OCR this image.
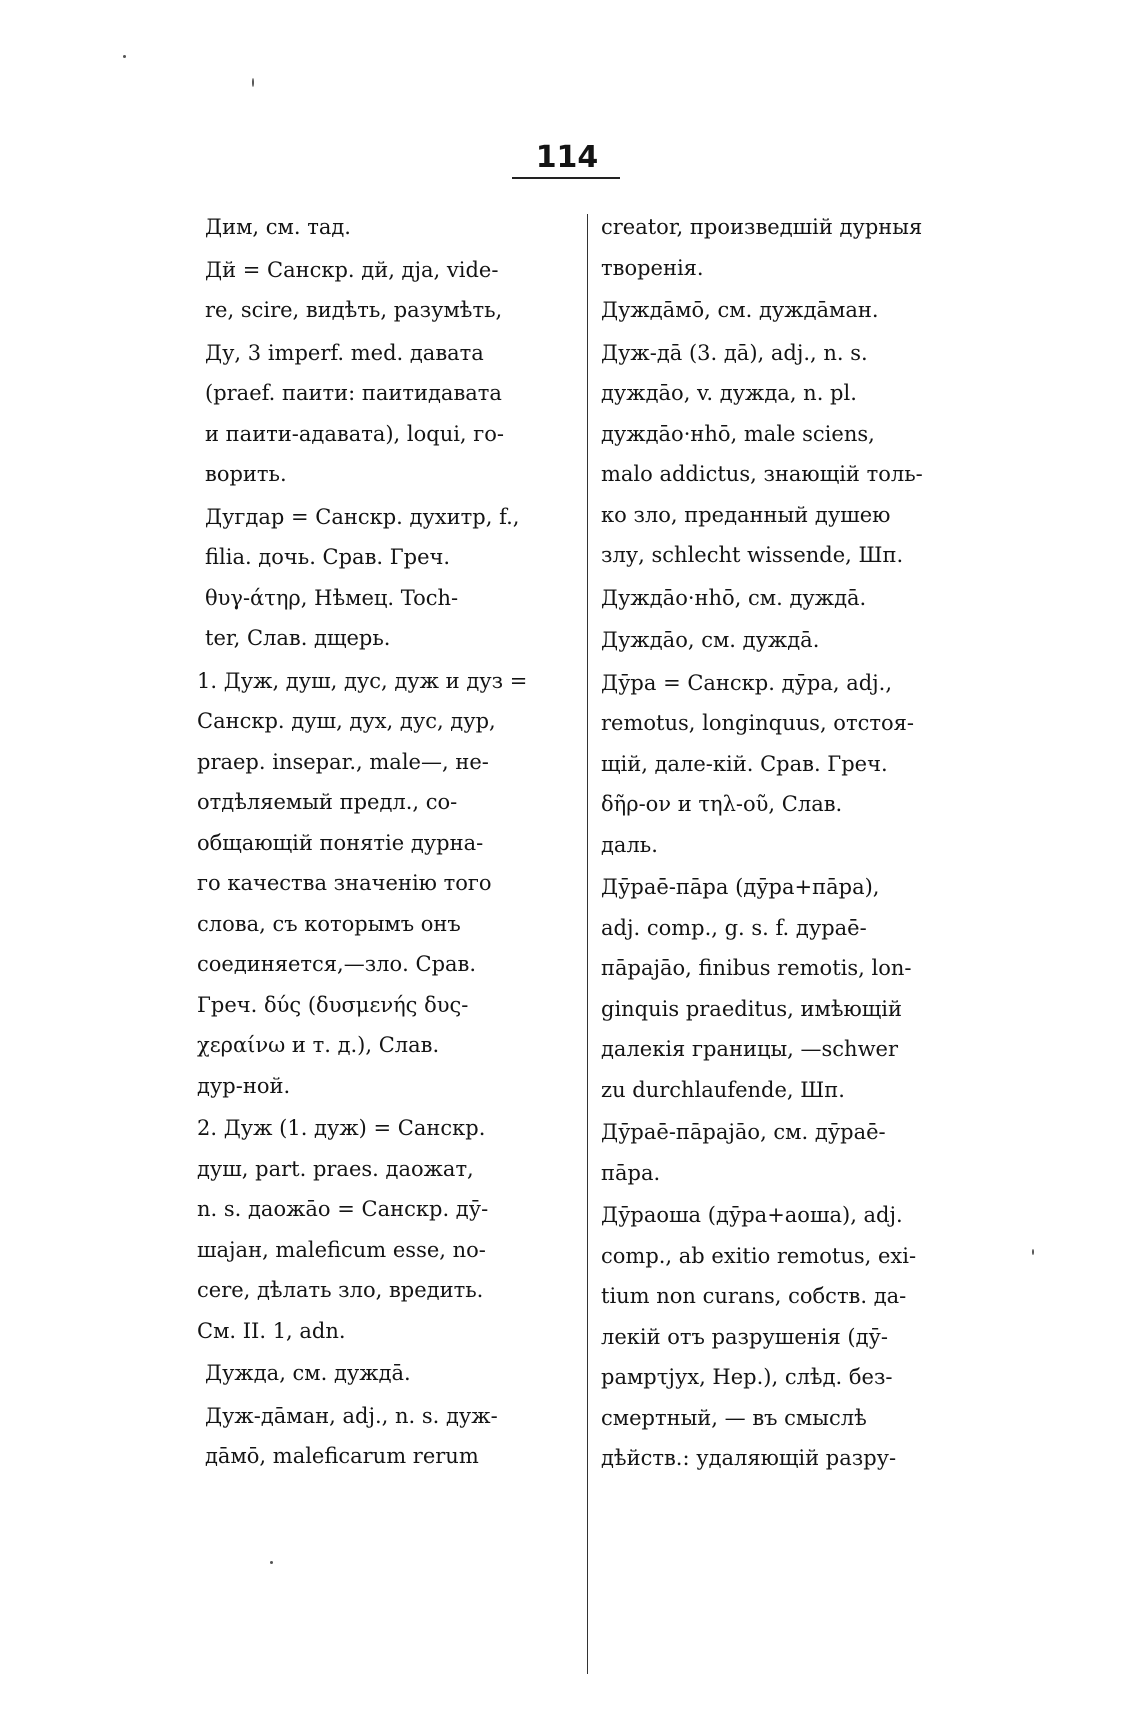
114
Дим, см. тад.
Дй = Санскр. дй, дја, vide-
re, scire, видѣть, разумѣть,
Ду, 3 imperf. med. давата
(praef. паити: паитидавата
и паити-адавата), loqui, го-
ворить.
Дугдар = Санскр. духитр, f.,
filia. дочь. Срав. Греч.
θυγ-άτηρ, Нѣмец. Toch-
ter, Слав. дщерь.
1. Дуж, душ, дус, дуж и дуз =
Санскр. душ, дух, дус, дур,
praep. insepar., male—, не-
отдѣляемый предл., со-
общающій понятіе дурна-
го качества значенію того
слова, съ которымъ онъ
соединяется,—зло. Срав.
Греч. δύς (δυσμενής δυς-
χεραίνω и т. д.), Слав.
дур-ной.
2. Дуж (1. дуж) = Санскр.
душ, part. praes. даожат,
n. s. даожāо = Санскр. дӯ-
шајан, maleficum esse, no-
cere, дѣлать зло, вредить.
См. II. 1, adn.
Дужда, см. дуждā.
Дуж-дāман, adj., n. s. дуж-
дāмō, maleficarum rerum
creator, произведшій дурныя
творенія.
Дуждāмō, см. дуждāман.
Дуж-дā (3. дā), adj., n. s.
дуждāо, v. дужда, n. pl.
дуждāо·нhō, male sciens,
malo addictus, знающій толь-
ко зло, преданный душею
злу, schlecht wissende, Шп.
Дуждāо·нhō, см. дуждā.
Дуждāо, см. дуждā.
Дӯра = Санскр. дӯра, adj.,
remotus, longinquus, отстоя-
щій, дале-кій. Срав. Греч.
δῆρ-ον и τηλ-οῦ, Слав.
даль.
Дӯраē-пāра (дӯра+пāра),
adj. comp., g. s. f. дураē-
пāрајāо, finibus remotis, lon-
ginquis praeditus, имѣющій
далекія границы, —schwer
zu durchlaufende, Шп.
Дӯраē-пāрајāо, см. дӯраē-
пāра.
Дӯраоша (дӯра+аоша), adj.
comp., ab exitio remotus, exi-
tium non curans, собств. да-
лекій отъ разрушенія (дӯ-
рамрτјух, Нер.), слѣд. без-
смертный, — въ смыслѣ
дѣйств.: удаляющій разру-
